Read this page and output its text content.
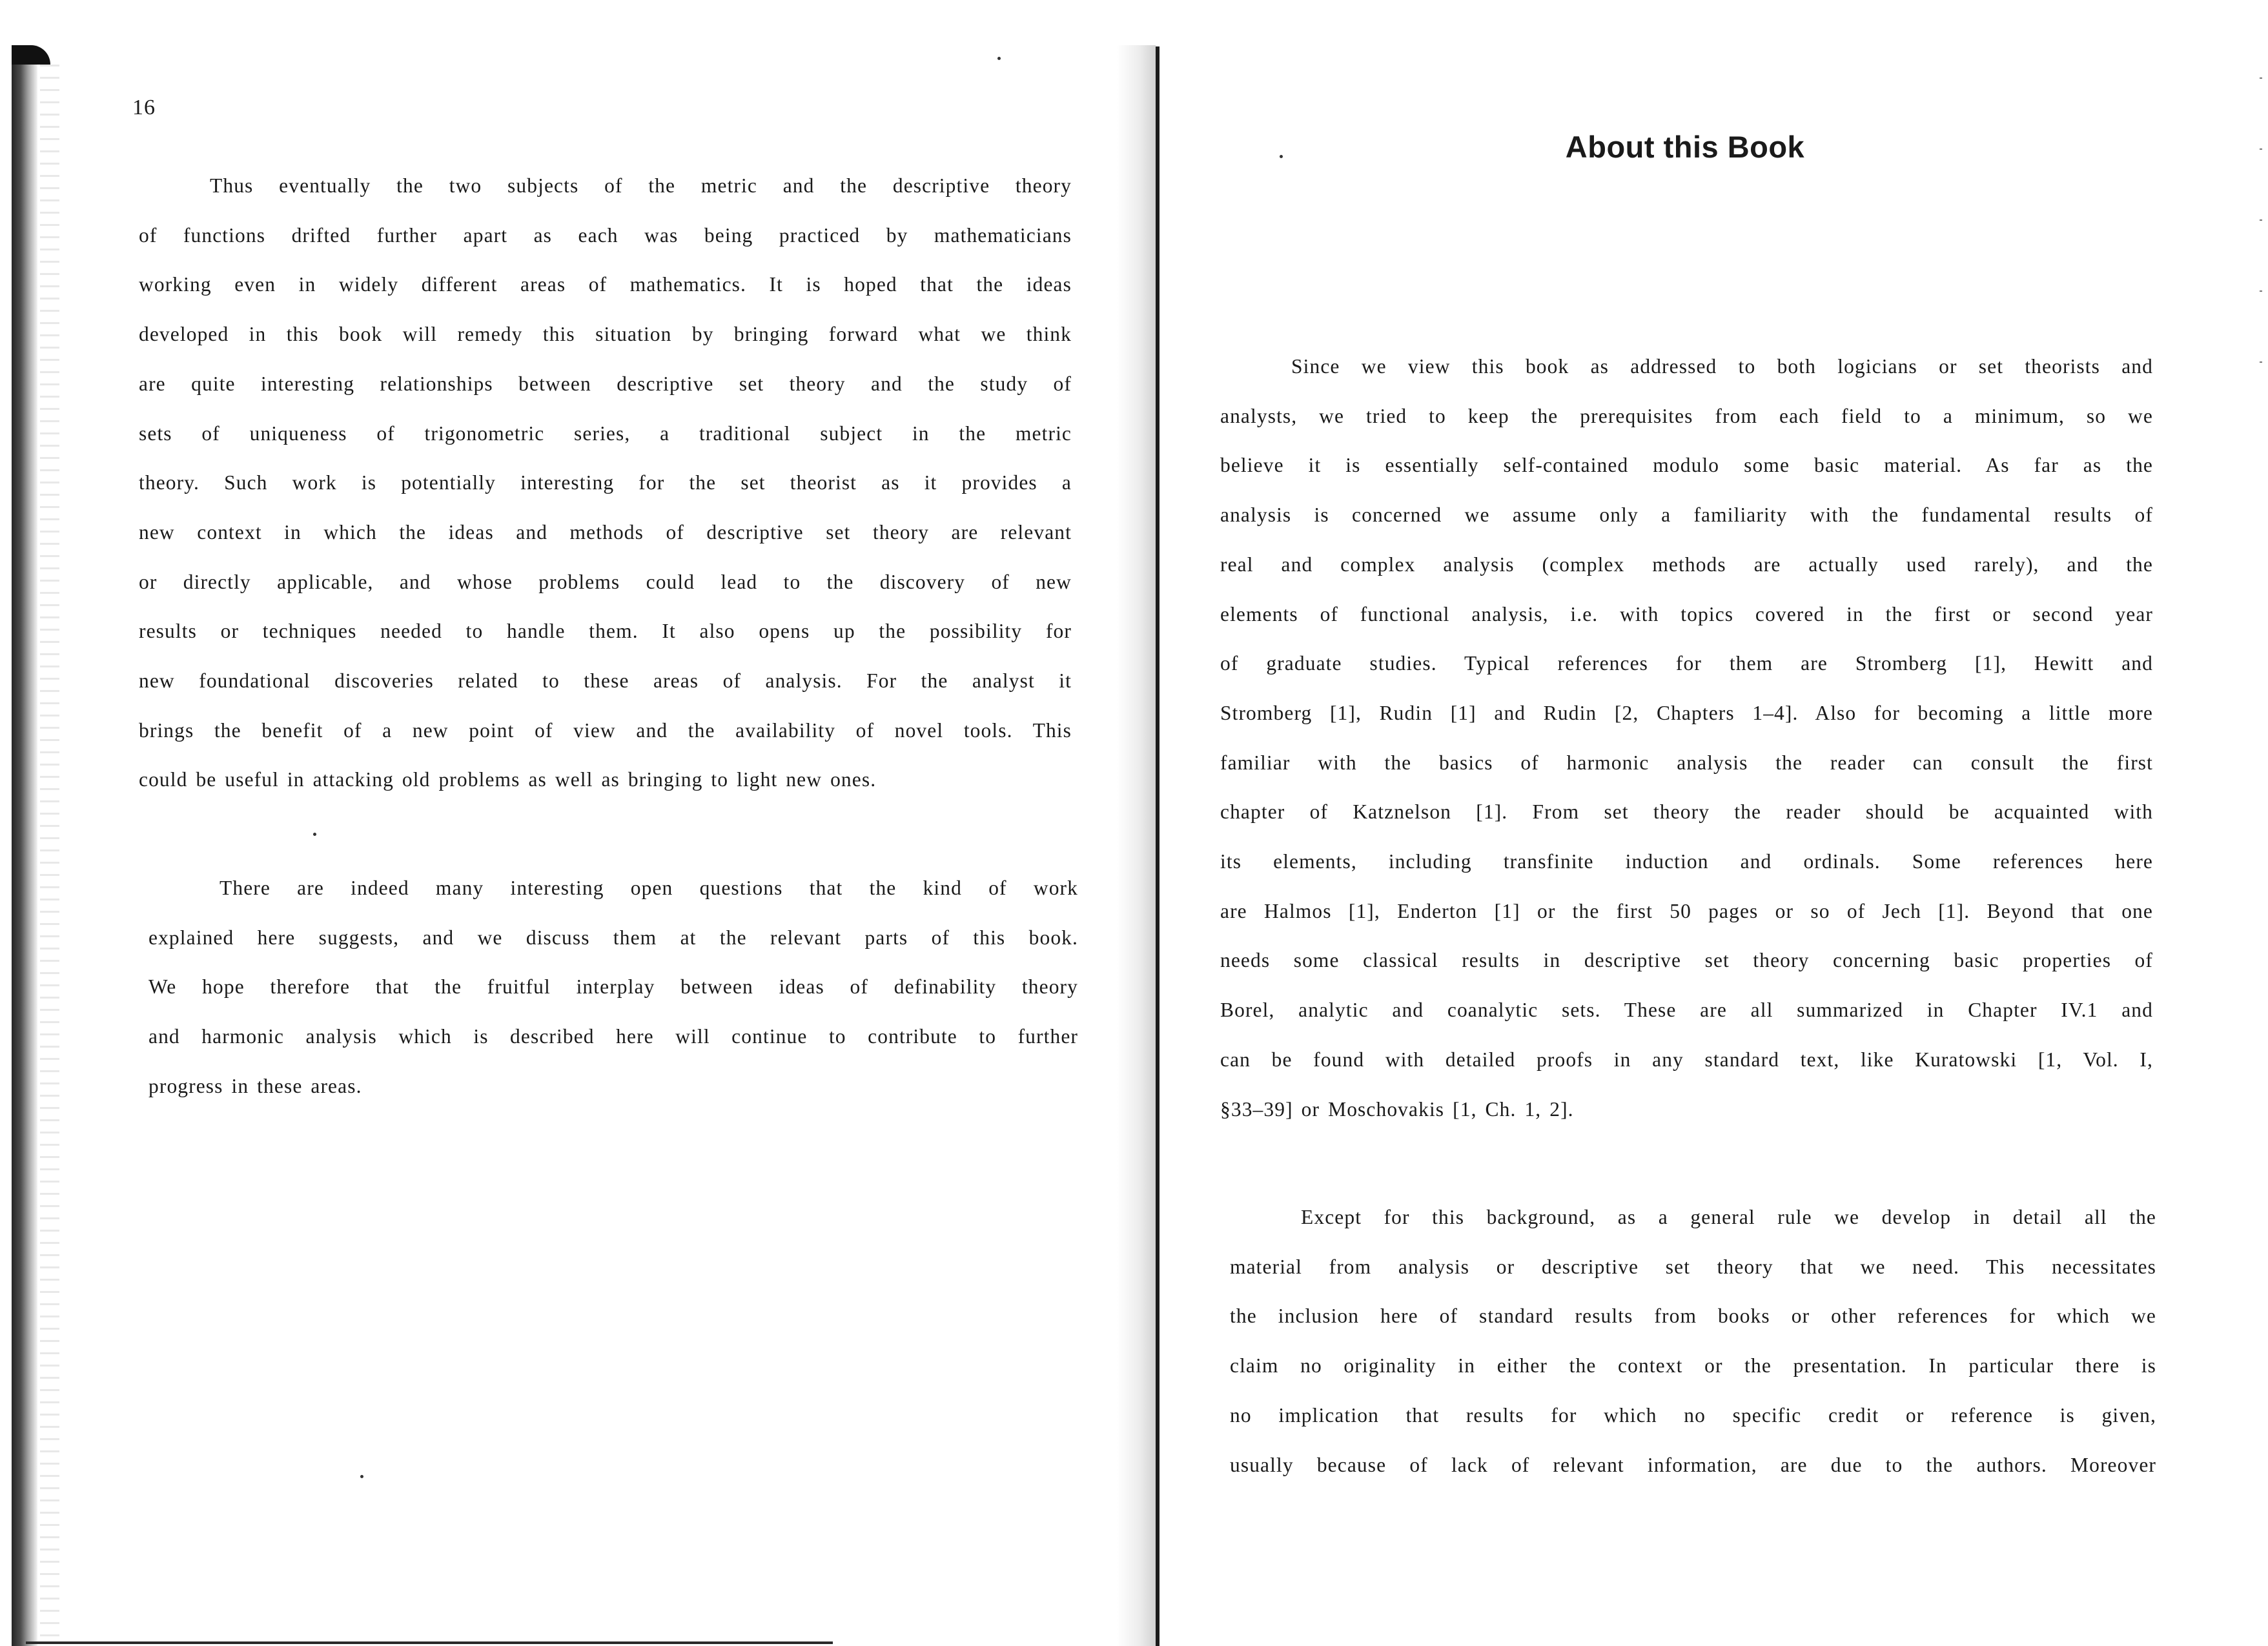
16
Thus eventually the two subjects of the metric and the descriptive theory
of functions drifted further apart as each was being practiced by mathematicians
working even in widely different areas of mathematics. It is hoped that the ideas
developed in this book will remedy this situation by bringing forward what we think
are quite interesting relationships between descriptive set theory and the study of
sets of uniqueness of trigonometric series, a traditional subject in the metric
theory. Such work is potentially interesting for the set theorist as it provides a
new context in which the ideas and methods of descriptive set theory are relevant
or directly applicable, and whose problems could lead to the discovery of new
results or techniques needed to handle them. It also opens up the possibility for
new foundational discoveries related to these areas of analysis. For the analyst it
brings the benefit of a new point of view and the availability of novel tools. This
could be useful in attacking old problems as well as bringing to light new ones.
There are indeed many interesting open questions that the kind of work
explained here suggests, and we discuss them at the relevant parts of this book.
We hope therefore that the fruitful interplay between ideas of definability theory
and harmonic analysis which is described here will continue to contribute to further
progress in these areas.
About this Book
Since we view this book as addressed to both logicians or set theorists and
analysts, we tried to keep the prerequisites from each field to a minimum, so we
believe it is essentially self-contained modulo some basic material. As far as the
analysis is concerned we assume only a familiarity with the fundamental results of
real and complex analysis (complex methods are actually used rarely), and the
elements of functional analysis, i.e. with topics covered in the first or second year
of graduate studies. Typical references for them are Stromberg [1], Hewitt and
Stromberg [1], Rudin [1] and Rudin [2, Chapters 1–4]. Also for becoming a little more
familiar with the basics of harmonic analysis the reader can consult the first
chapter of Katznelson [1]. From set theory the reader should be acquainted with
its elements, including transfinite induction and ordinals. Some references here
are Halmos [1], Enderton [1] or the first 50 pages or so of Jech [1]. Beyond that one
needs some classical results in descriptive set theory concerning basic properties of
Borel, analytic and coanalytic sets. These are all summarized in Chapter IV.1 and
can be found with detailed proofs in any standard text, like Kuratowski [1, Vol. I,
§33–39] or Moschovakis [1, Ch. 1, 2].
Except for this background, as a general rule we develop in detail all the
material from analysis or descriptive set theory that we need. This necessitates
the inclusion here of standard results from books or other references for which we
claim no originality in either the context or the presentation. In particular there is
no implication that results for which no specific credit or reference is given,
usually because of lack of relevant information, are due to the authors. Moreover
